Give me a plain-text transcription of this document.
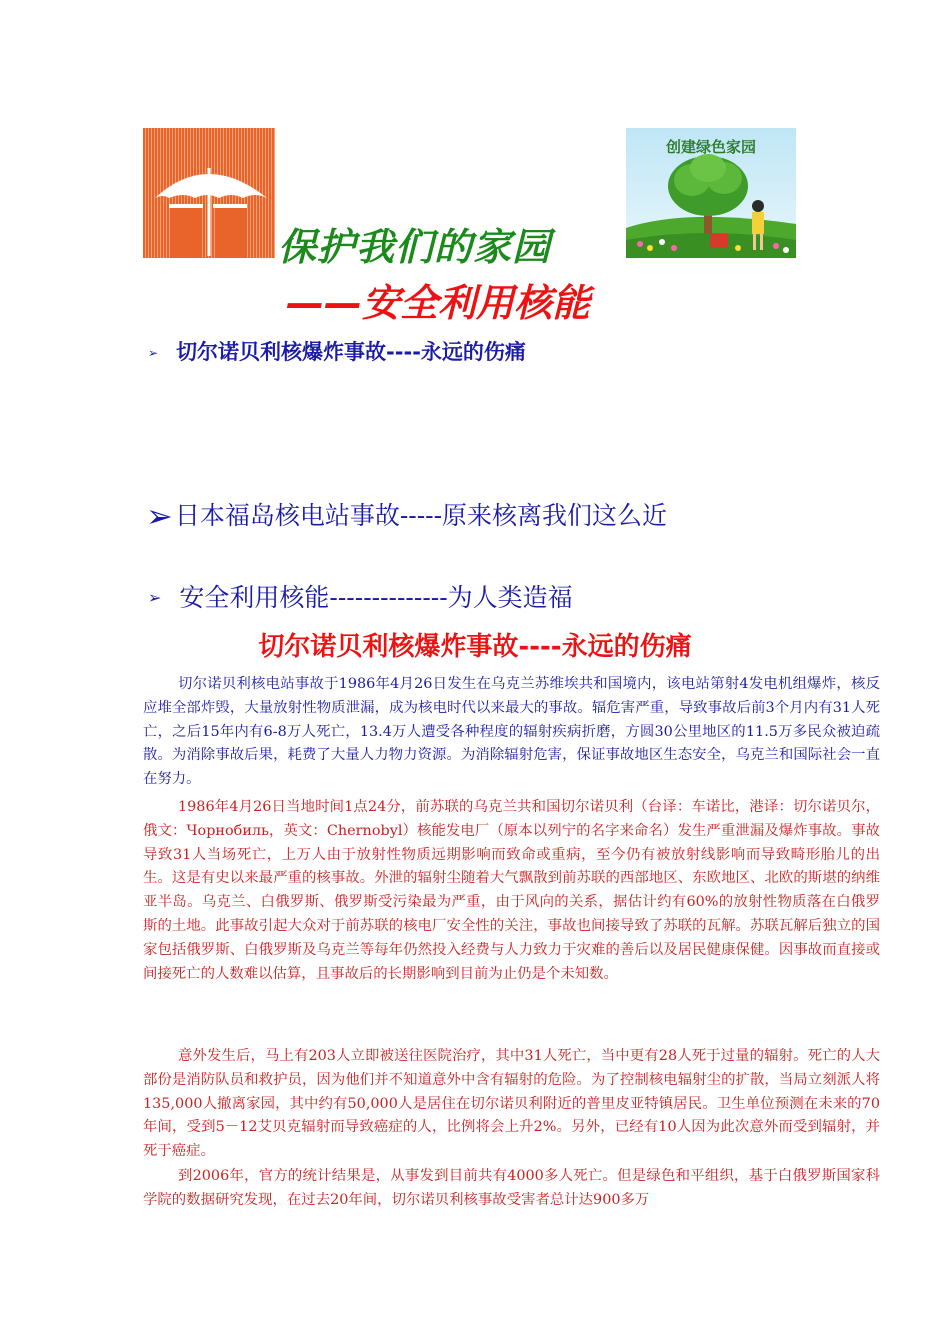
创建绿色家园
保护我们的家园
——安全利用核能
➢ 切尔诺贝利核爆炸事故----永远的伤痛
➢日本福岛核电站事故-----原来核离我们这么近
➢ 安全利用核能--------------为人类造福
切尔诺贝利核爆炸事故----永远的伤痛

切尔诺贝利核电站事故于1986年4月26日发生在乌克兰苏维埃共和国境内，该电站第射4发电机组爆炸，核反应堆全部炸毁，大量放射性物质泄漏，成为核电时代以来最大的事故。辐危害严重，导致事故后前3个月内有31人死亡，之后15年内有6-8万人死亡，13.4万人遭受各种程度的辐射疾病折磨，方圆30公里地区的11.5万多民众被迫疏散。为消除事故后果，耗费了大量人力物力资源。为消除辐射危害，保证事故地区生态安全，乌克兰和国际社会一直在努力。

1986年4月26日当地时间1点24分，前苏联的乌克兰共和国切尔诺贝利（台译：车诺比，港译：切尔诺贝尔，俄文：Чорнобиль，英文：Chernobyl）核能发电厂（原本以列宁的名字来命名）发生严重泄漏及爆炸事故。事故导致31人当场死亡，上万人由于放射性物质远期影响而致命或重病，至今仍有被放射线影响而导致畸形胎儿的出生。这是有史以来最严重的核事故。外泄的辐射尘随着大气飘散到前苏联的西部地区、东欧地区、北欧的斯堪的纳维亚半岛。乌克兰、白俄罗斯、俄罗斯受污染最为严重，由于风向的关系，据估计约有60%的放射性物质落在白俄罗斯的土地。此事故引起大众对于前苏联的核电厂安全性的关注，事故也间接导致了苏联的瓦解。苏联瓦解后独立的国家包括俄罗斯、白俄罗斯及乌克兰等每年仍然投入经费与人力致力于灾难的善后以及居民健康保健。因事故而直接或间接死亡的人数难以估算，且事故后的长期影响到目前为止仍是个未知数。

意外发生后，马上有203人立即被送往医院治疗，其中31人死亡，当中更有28人死于过量的辐射。死亡的人大部份是消防队员和救护员，因为他们并不知道意外中含有辐射的危险。为了控制核电辐射尘的扩散，当局立刻派人将135,000人撤离家园，其中约有50,000人是居住在切尔诺贝利附近的普里皮亚特镇居民。卫生单位预测在未来的70年间，受到5－12艾贝克辐射而导致癌症的人，比例将会上升2%。另外，已经有10人因为此次意外而受到辐射，并死于癌症。

到2006年，官方的统计结果是，从事发到目前共有4000多人死亡。但是绿色和平组织，基于白俄罗斯国家科学院的数据研究发现，在过去20年间，切尔诺贝利核事故受害者总计达900多万
